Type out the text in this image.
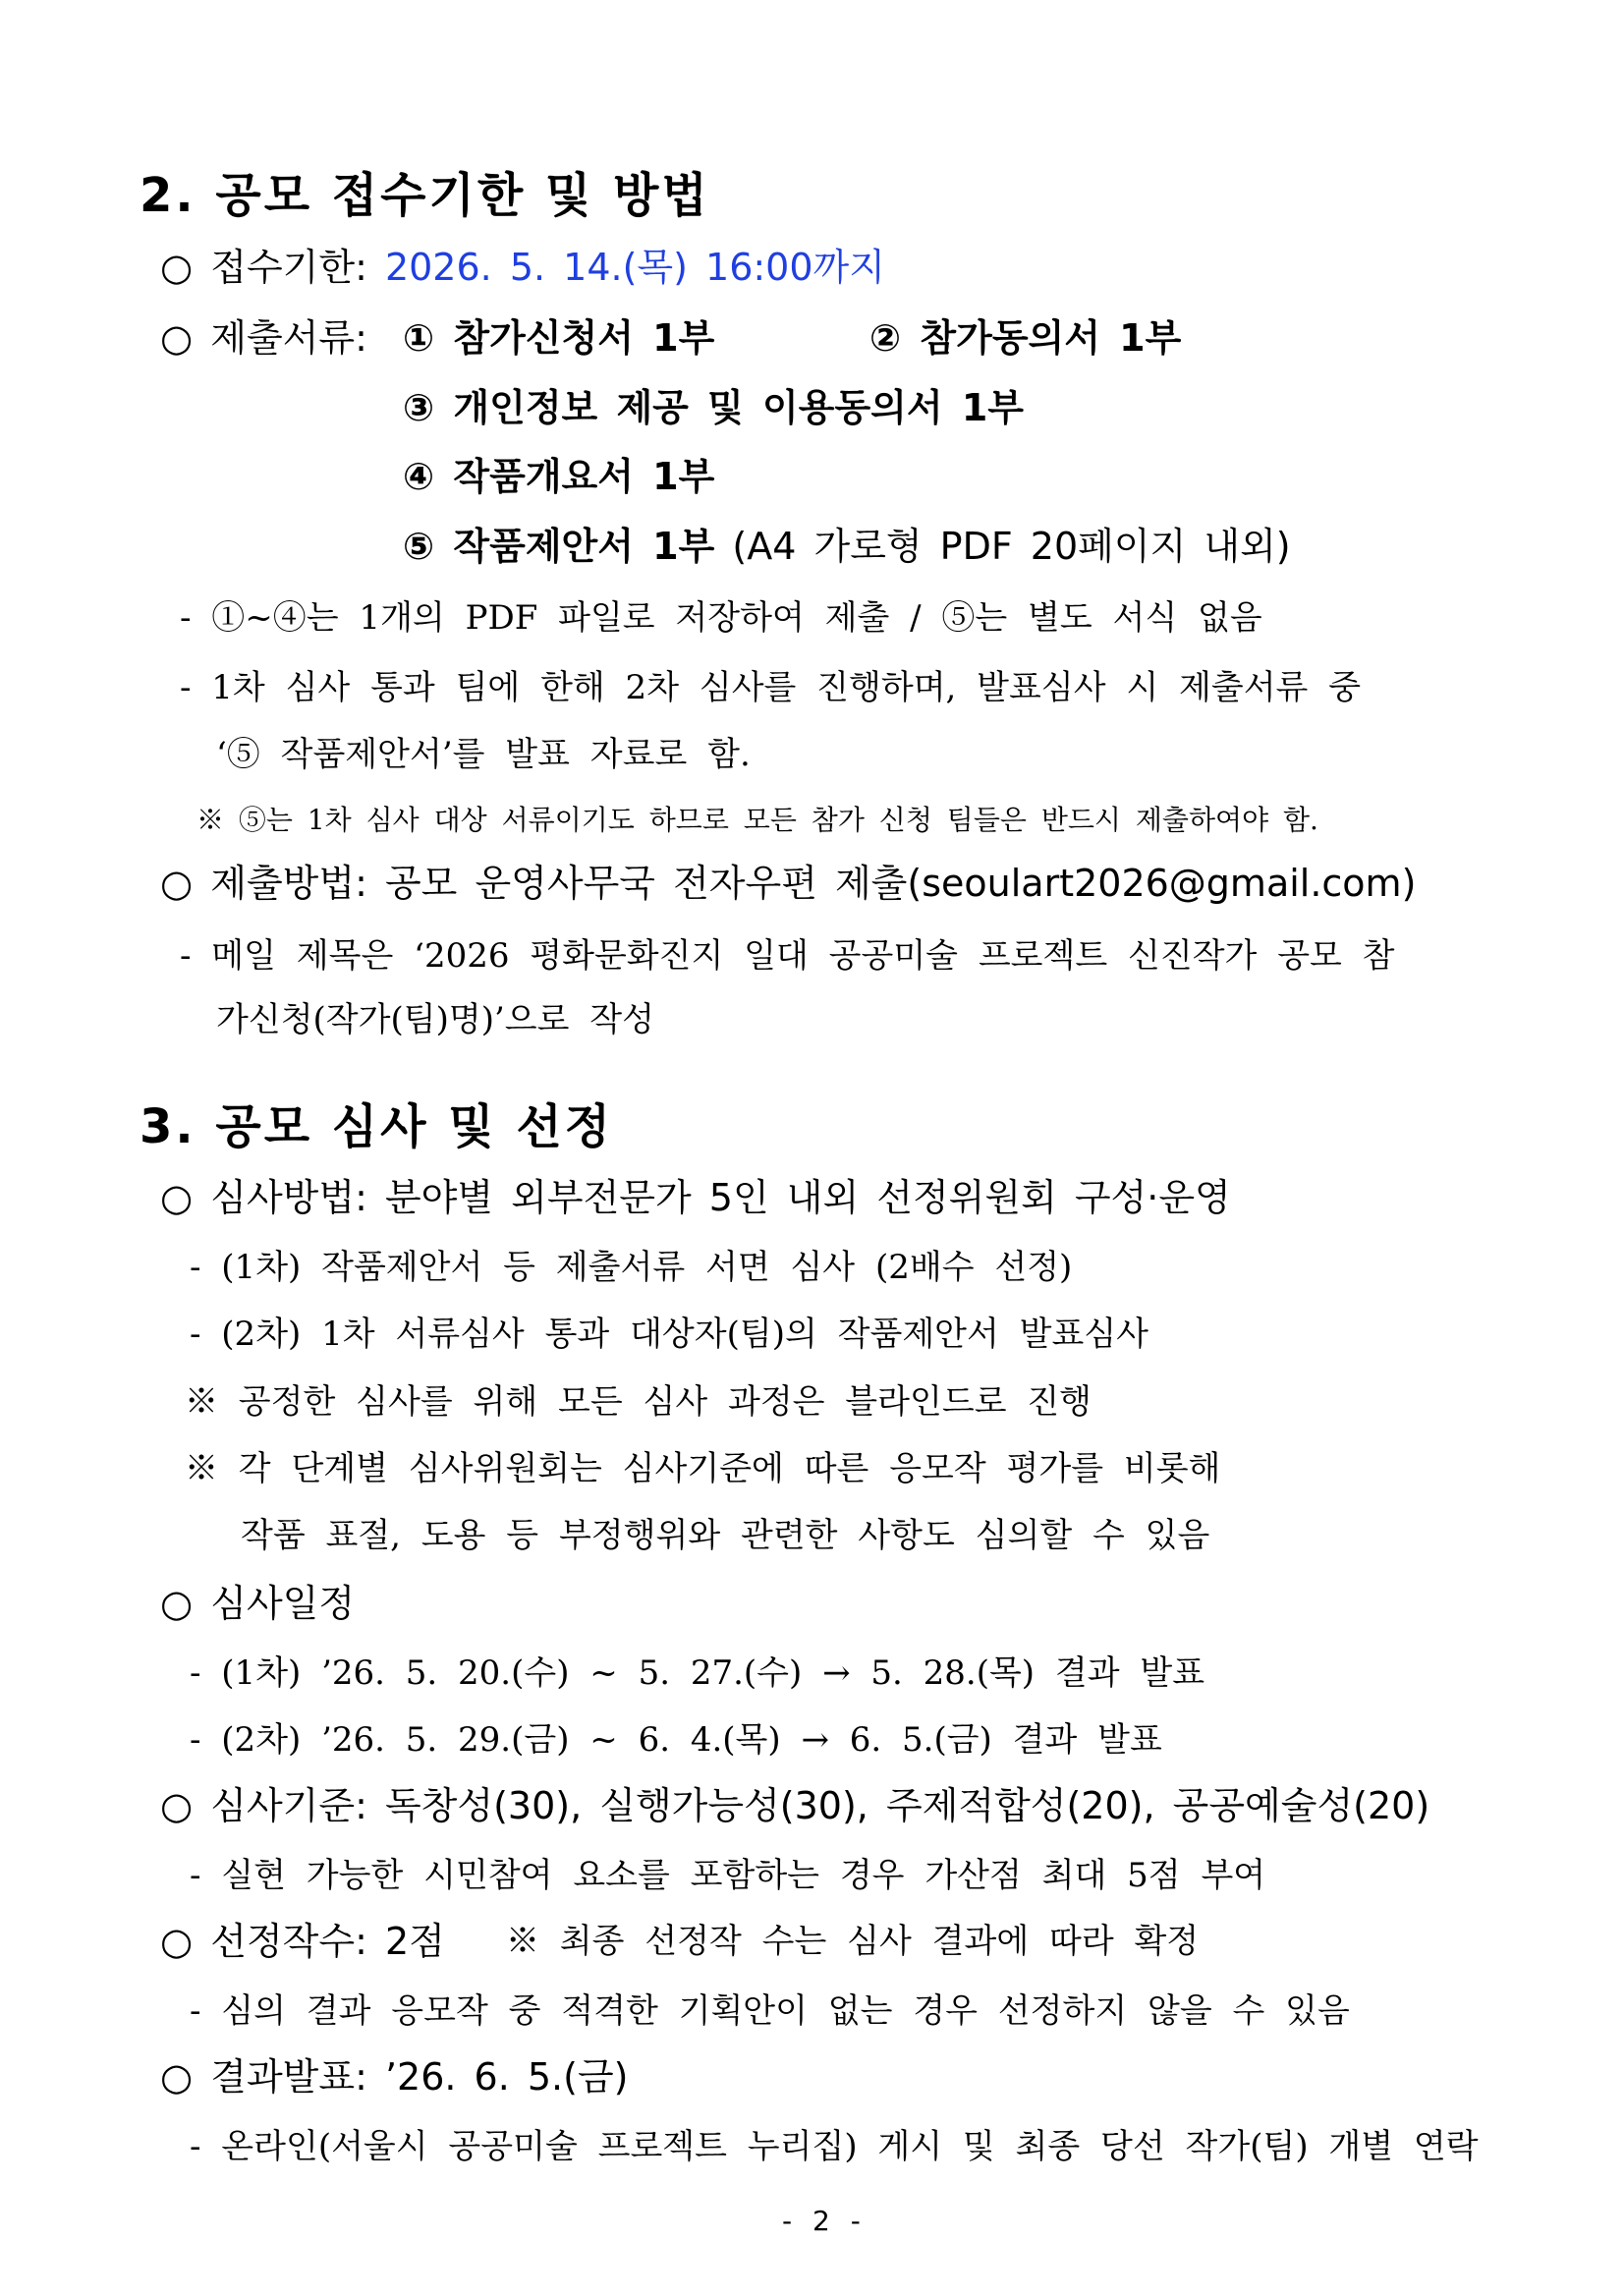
2. 공모 접수기한 및 방법
○ 접수기한: 2026. 5. 14.(목) 16:00까지
○ 제출서류: ① 참가신청서 1부	② 참가동의서 1부
③ 개인정보 제공 및 이용동의서 1부
④ 작품개요서 1부
⑤ 작품제안서 1부 (A4 가로형 PDF 20페이지 내외)
- ①~④는 1개의 PDF 파일로 저장하여 제출 / ⑤는 별도 서식 없음
- 1차 심사 통과 팀에 한해 2차 심사를 진행하며, 발표심사 시 제출서류 중
‘⑤ 작품제안서’를 발표 자료로 함.
※ ⑤는 1차 심사 대상 서류이기도 하므로 모든 참가 신청 팀들은 반드시 제출하여야 함.
○ 제출방법: 공모 운영사무국 전자우편 제출(seoulart2026@gmail.com)
- 메일 제목은 ‘2026 평화문화진지 일대 공공미술 프로젝트 신진작가 공모 참
가신청(작가(팀)명)’으로 작성
3. 공모 심사 및 선정
○ 심사방법: 분야별 외부전문가 5인 내외 선정위원회 구성·운영
- (1차) 작품제안서 등 제출서류 서면 심사 (2배수 선정)
- (2차) 1차 서류심사 통과 대상자(팀)의 작품제안서 발표심사
※ 공정한 심사를 위해 모든 심사 과정은 블라인드로 진행
※ 각 단계별 심사위원회는 심사기준에 따른 응모작 평가를 비롯해
작품 표절, 도용 등 부정행위와 관련한 사항도 심의할 수 있음
○ 심사일정
- (1차) ’26. 5. 20.(수) ~ 5. 27.(수) → 5. 28.(목) 결과 발표
- (2차) ’26. 5. 29.(금) ~ 6. 4.(목) → 6. 5.(금) 결과 발표
○ 심사기준: 독창성(30), 실행가능성(30), 주제적합성(20), 공공예술성(20)
- 실현 가능한 시민참여 요소를 포함하는 경우 가산점 최대 5점 부여
○ 선정작수: 2점 ※ 최종 선정작 수는 심사 결과에 따라 확정
- 심의 결과 응모작 중 적격한 기획안이 없는 경우 선정하지 않을 수 있음
○ 결과발표: ’26. 6. 5.(금)
- 온라인(서울시 공공미술 프로젝트 누리집) 게시 및 최종 당선 작가(팀) 개별 연락
- 2 -
